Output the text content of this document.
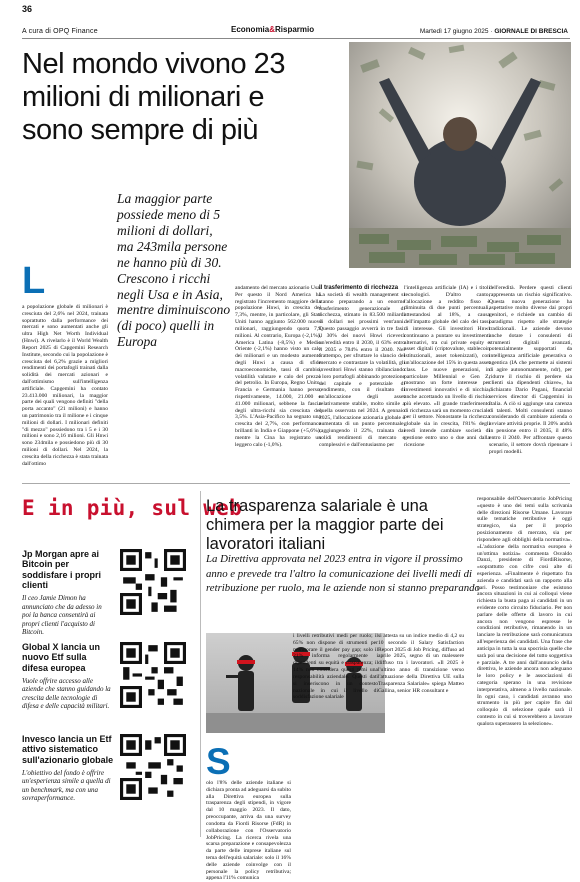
36
A cura di OPQ Finance	Economia&Risparmio	Martedì 17 giugno 2025 · GIORNALE DI BRESCIA
Nel mondo vivono 23 milioni di milionari e sono sempre di più
La maggior parte possiede meno di 5 milioni di dollari, ma 243mila persone ne hanno più di 30. Crescono i ricchi negli Usa e in Asia, mentre diminuiscono (di poco) quelli in Europa
L

a popolazione globale di milionari è cresciuta del 2,6% nel 2024, trainata soprattutto dalla performance dei mercati e sono aumentati anche gli ultra High Net Worth Individual (Hnwi). A rivelarlo è il World Wealth Report 2025 di Capgemini Research Institute, secondo cui la popolazione è cresciuta del 6,2% grazie a migliori rendimenti dei portafogli trainati dalla solidità dei mercati azionari e dall'ottimismo sull'intelligenza artificiale. Capgemini ha contato 23.413.000 milionari, la maggior parte dei quali vengono definiti "della porta accanto" (21 milioni) e hanno un patrimonio tra il milione e i cinque milioni di dollari. I milionari definiti "di mezzo" possiedono tra i 5 e i 30 milioni e sono 2,16 milioni. Gli Hnwi sono 234mila e possiedono più di 30 milioni di dollari. Nel 2024, la crescita della ricchezza è stata trainata dall'ottimo

andamento del mercato azionario Usa. Per questo il Nord America ha registrato l'incremento maggiore della popolazione Hnwi, in crescita del 7,3%, mentre, in particolare, gli Stati Uniti hanno aggiunto 562.000 nuovi milionari, raggiungendo quota 7,9 milioni. Al contrario, Europa (-2,1%), America Latina (-8,5%) e Medio Oriente (-2,1%) hanno visto un calo dei milionari e un modesto aumento degli Hnwi a causa di sfide macroeconomiche, tassi di cambio, volatilità valutare e calo del prezzo del petrolio. In Europa, Regno Unito, Francia e Germania hanno perso, rispettivamente, 14.000, 21.000 e 41.000 milionari, sebbene la fascia degli ultra-ricchi sia cresciuta del 3,5%. L'Asia-Pacifico ha segnato una crescita del 2,7%, con performance brillanti in India e Giappone (+5,6%), mentre la Cina ha registrato un leggero calo (-1,0%).

Il trasferimento di ricchezza

La società di wealth management si stanno preparando a un enorme trasferimento generazionale di ricchezza, stimato in 83.500 miliardi di dollari nei prossimi vent'anni. Questo passaggio avverrà in tre fasi: il 30% dei nuovi Hnwi riceverà un'eredità entro il 2030, il 63% entro il 2035 e 784% entro il 2040. Nel frattempo, per sfruttare lo slancio del mercato e contrastare la volatilità, gli investitori Hnwi stanno ribilanciando i loro portafogli abbinando protezione del capitale e potenziale di rendimento, con il risultato di un'allocazione degli asset relativamente stabile, molto simile a quella osservata nel 2024. A gennaio 2025, l'allocazione azionaria globale è aumentata di un punto percentuale, raggiungendo il 22%, trainata dai solidi rendimenti di mercato e complessivi e dall'entusiasmo per

l'intelligenza artificiale (IA) e i titoli tecnologici. D'altro canto, l'allocazione a reddito fisso è diminuita di due punti percentuali, attestandosi al 18%, a causa dell'impatto globale del calo dei tassi di interesse. Gli investitori Hnwi continuano a puntare su investimenti alternativi, tra cui private equity e asset digitali (criptovalute, stablecoin istituzionali, asset tokenizzati), con un'allocazione del 15% in questa asset class. Le nuove generazioni, in particolare Millennial e Gen Z, mostrano un forte interesse per investimenti innovativi e di nicchia, anche accettando un livello di rischio più elevato. «Il grande trasferimento di ricchezza sarà un momento cruciale per il settore. Nonostante la ricchezza globale sia in crescita, l'81% degli eredi intende cambiare società di gestione entro uno o due anni dalla ricezione

dell'eredità. Perdere questi clienti rappresenta un rischio significativo. Questa nuova generazione ha aspettative molto diverse dai propri genitori, e richiede un cambio di paradigma rispetto alle strategie tradizionali. Le aziende devono anche dotare i consulenti di strumenti digitali avanzati, potenzialmente supportati da intelligenza artificiale generativa o agentica (IA che permette ai sistemi di agire autonomamente, ndr), per ridurre il rischio di perdere sia clienti sia dipendenti chiave», ha dichiarato Dario Pagani, financial services director di Capgemini in Italia. A ciò si aggiunge una carenza di talenti. Molti consulenti stanno considerando di cambiare azienda o avviare attività proprie. Il 20% andrà in pensione entro il 2035, il 48% entro il 2040. Per affrontare questo scenario, il settore dovrà ripensare i propri modelli.

E in più, sul web
Jp Morgan apre ai Bitcoin per soddisfare i propri clienti
Il ceo Jamie Dimon ha annunciato che da adesso in poi la banca consentirà ai propri clienti l'acquisto di Bitcoin.
Global X lancia un nuovo Etf sulla difesa europea
Vuole offrire accesso alle aziende che stanno guidando la crescita delle tecnologie di difesa e delle capacità militari.
Invesco lancia un Etf attivo sistematico sull'azionario globale
L'obiettivo del fondo è offrire un'esperienza simile a quella di un benchmark, ma con una sovraperformance.
La trasparenza salariale è una chimera per la maggior parte dei lavoratori italiani
La Direttiva approvata nel 2023 entra in vigore il prossimo anno e prevede tra l'altro la comunicazione dei livelli medi di retribuzione per ruolo, ma le aziende non si stanno preparando
S

olo l'8% delle aziende italiane si dichiara pronta ad adeguarsi da subito alla Direttiva europea sulla trasparenza degli stipendi, in vigore dal 10 maggio 2023. Il dato, preoccupante, arriva da una survey condotta da Fiordi Risorse (FdR) in collaborazione con l'Osservatorio JobPricing. La ricerca rivela una scarsa preparazione e consapevolezza da parte delle imprese italiane sul tema dell'equità salariale: solo il 16% delle aziende coinvolge con il personale la policy retributiva; appena l'11% comunica

i livelli retributivi medi per ruolo; il 65% non dispone di strumenti per monitorare il gender pay gap; solo il 21% informa regolarmente i dipendenti su equità e trasparenza; il 14% non considera questi temi una responsabilità aziendale. Questi dati si inseriscono in un contesto nazionale in cui il livello di soddisfazione salariale

si attesta su un indice medio di 4,2 su 10 secondo il Salary Satisfaction Report 2025 di Job Pricing, diffuso ad aprile 2025, segno di un malessere diffuso tra i lavoratori. «Il 2025 è l'ultimo anno di transizione verso l'attuazione della Direttiva UE sulla Trasparenza Salariale» spiega Matteo Gallina, senior HR consultant e

responsabile dell'Osservatorio JobPricing «questo è uno dei temi sulla scrivania delle direzioni Risorse Umane. Lavorare sulle tematiche retributive è oggi strategico, sia per il proprio posizionamento di mercato, sia per rispondere agli obblighi della normativa». «L'adozione della normativa europea è un'ottima notizia» commenta Osvaldo Danzi, presidente di FiordiRisorse, «soprattutto con cifre così alte di esperienza. «Finalmente è rispettato fra azienda e candidati sarà un rapporto alla pari. Posso testimoniare che esistono ancora situazioni in cui ai colloqui viene richiesta la busta paga ai candidati in un evidente corto circuito fiduciario. Per non parlare delle offerte di lavoro in cui ancora non vengono espresse le condizioni retributive, rimanendo in un lanciare la retribuzione sarà comunicatura all'esperienza dei candidati. Una frase che anticipa in tutta la sua spocrisia quelle che sarà poi una decisione del tutto soggettiva e parziale. A tre anni dall'annuncio della direttiva, le aziende ancora non adeguano le loro policy e le associazioni di categoria sperano in una revisione interpretativa, almeno a livello nazionale. In ogni caso, i candidati avranno uno strumento in più per capire fin dal colloquio di selezione quale sarà il contesto in cui si troverebbero a lavorare qualora superassero la selezione».
